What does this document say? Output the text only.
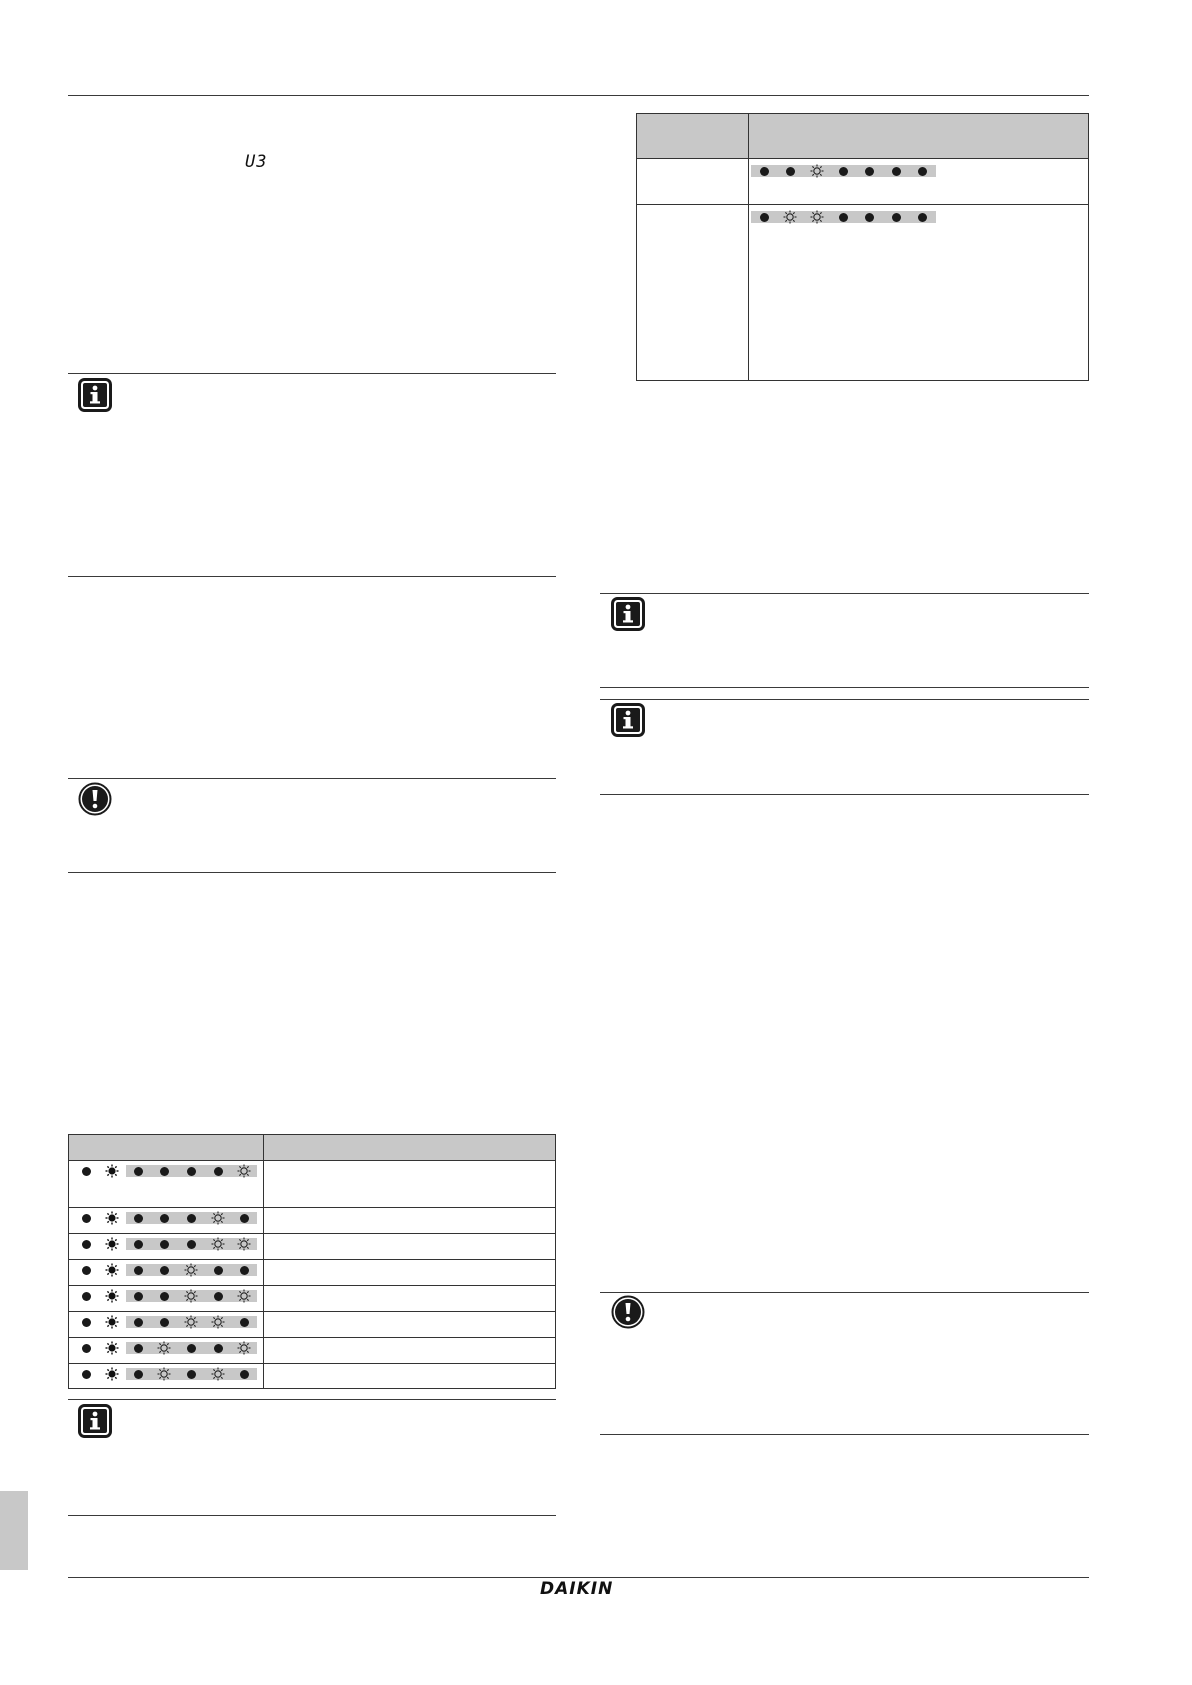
U3
DAIKIN
